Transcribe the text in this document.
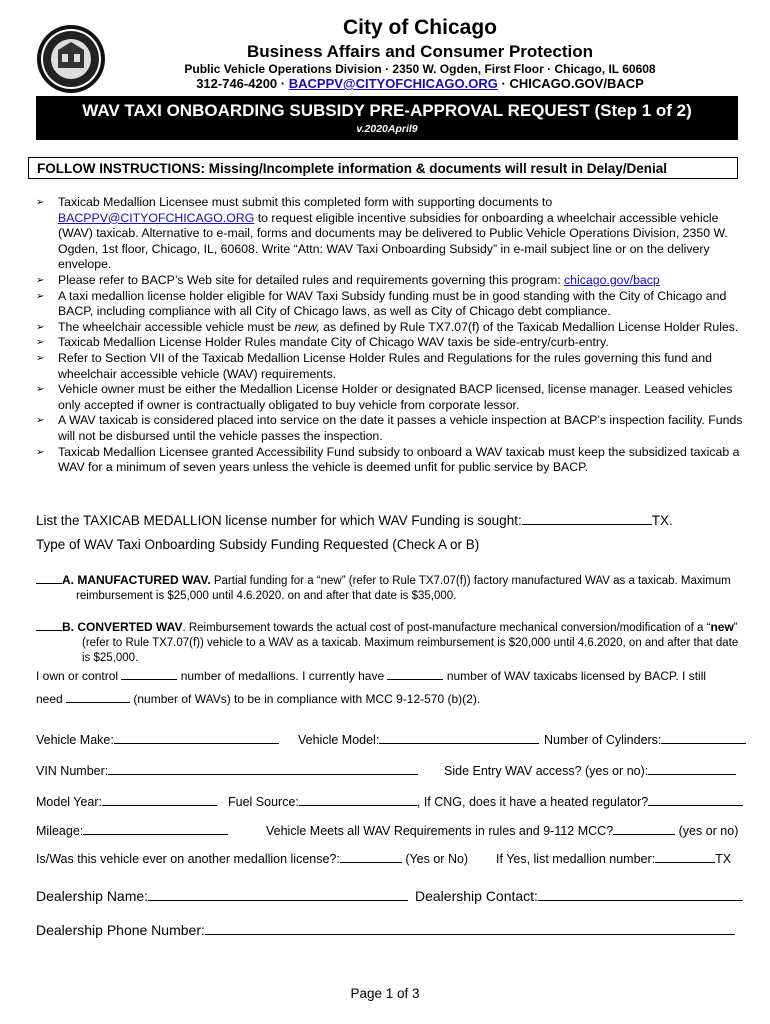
City of Chicago
Business Affairs and Consumer Protection
Public Vehicle Operations Division · 2350 W. Ogden, First Floor · Chicago, IL 60608
312-746-4200 · BACPPV@CITYOFCHICAGO.ORG · CHICAGO.GOV/BACP
WAV TAXI ONBOARDING SUBSIDY PRE-APPROVAL REQUEST (Step 1 of 2)
v.2020April9
FOLLOW INSTRUCTIONS: Missing/Incomplete information & documents will result in Delay/Denial
➢ Taxicab Medallion Licensee must submit this completed form with supporting documents to
BACPPV@CITYOFCHICAGO.ORG to request eligible incentive subsidies for onboarding a wheelchair accessible vehicle (WAV) taxicab. Alternative to e-mail, forms and documents may be delivered to Public Vehicle Operations Division, 2350 W. Ogden, 1st floor, Chicago, IL, 60608. Write “Attn: WAV Taxi Onboarding Subsidy” in e-mail subject line or on the delivery envelope.
➢ Please refer to BACP’s Web site for detailed rules and requirements governing this program: chicago.gov/bacp
➢ A taxi medallion license holder eligible for WAV Taxi Subsidy funding must be in good standing with the City of Chicago and BACP, including compliance with all City of Chicago laws, as well as City of Chicago debt compliance.
➢ The wheelchair accessible vehicle must be new, as defined by Rule TX7.07(f) of the Taxicab Medallion License Holder Rules.
➢ Taxicab Medallion License Holder Rules mandate City of Chicago WAV taxis be side-entry/curb-entry.
➢ Refer to Section VII of the Taxicab Medallion License Holder Rules and Regulations for the rules governing this fund and wheelchair accessible vehicle (WAV) requirements.
➢ Vehicle owner must be either the Medallion License Holder or designated BACP licensed, license manager. Leased vehicles only accepted if owner is contractually obligated to buy vehicle from corporate lessor.
➢ A WAV taxicab is considered placed into service on the date it passes a vehicle inspection at BACP’s inspection facility. Funds will not be disbursed until the vehicle passes the inspection.
➢ Taxicab Medallion Licensee granted Accessibility Fund subsidy to onboard a WAV taxicab must keep the subsidized taxicab a WAV for a minimum of seven years unless the vehicle is deemed unfit for public service by BACP.
List the TAXICAB MEDALLION license number for which WAV Funding is sought:	TX.
Type of WAV Taxi Onboarding Subsidy Funding Requested (Check A or B)
A. MANUFACTURED WAV. Partial funding for a “new” (refer to Rule TX7.07(f)) factory manufactured WAV as a taxicab. Maximum
reimbursement is $25,000 until 4.6.2020. on and after that date is $35,000.
B. CONVERTED WAV. Reimbursement towards the actual cost of post-manufacture mechanical conversion/modification of a “new”
(refer to Rule TX7.07(f)) vehicle to a WAV as a taxicab. Maximum reimbursement is $20,000 until 4.6.2020, on and after that date
is $25,000.
I own or control	number of medallions. I currently have	number of WAV taxicabs licensed by BACP. I still
need	(number of WAVs) to be in compliance with MCC 9-12-570 (b)(2).
Vehicle Make:	Vehicle Model:	Number of Cylinders:
VIN Number:	Side Entry WAV access? (yes or no):
Model Year:	Fuel Source:	, If CNG, does it have a heated regulator?
Mileage:	Vehicle Meets all WAV Requirements in rules and 9-112 MCC?	(yes or no)
Is/Was this vehicle ever on another medallion license?:	(Yes or No) If Yes, list medallion number:	TX
Dealership Name:	Dealership Contact:
Dealership Phone Number:
Page 1 of 3
